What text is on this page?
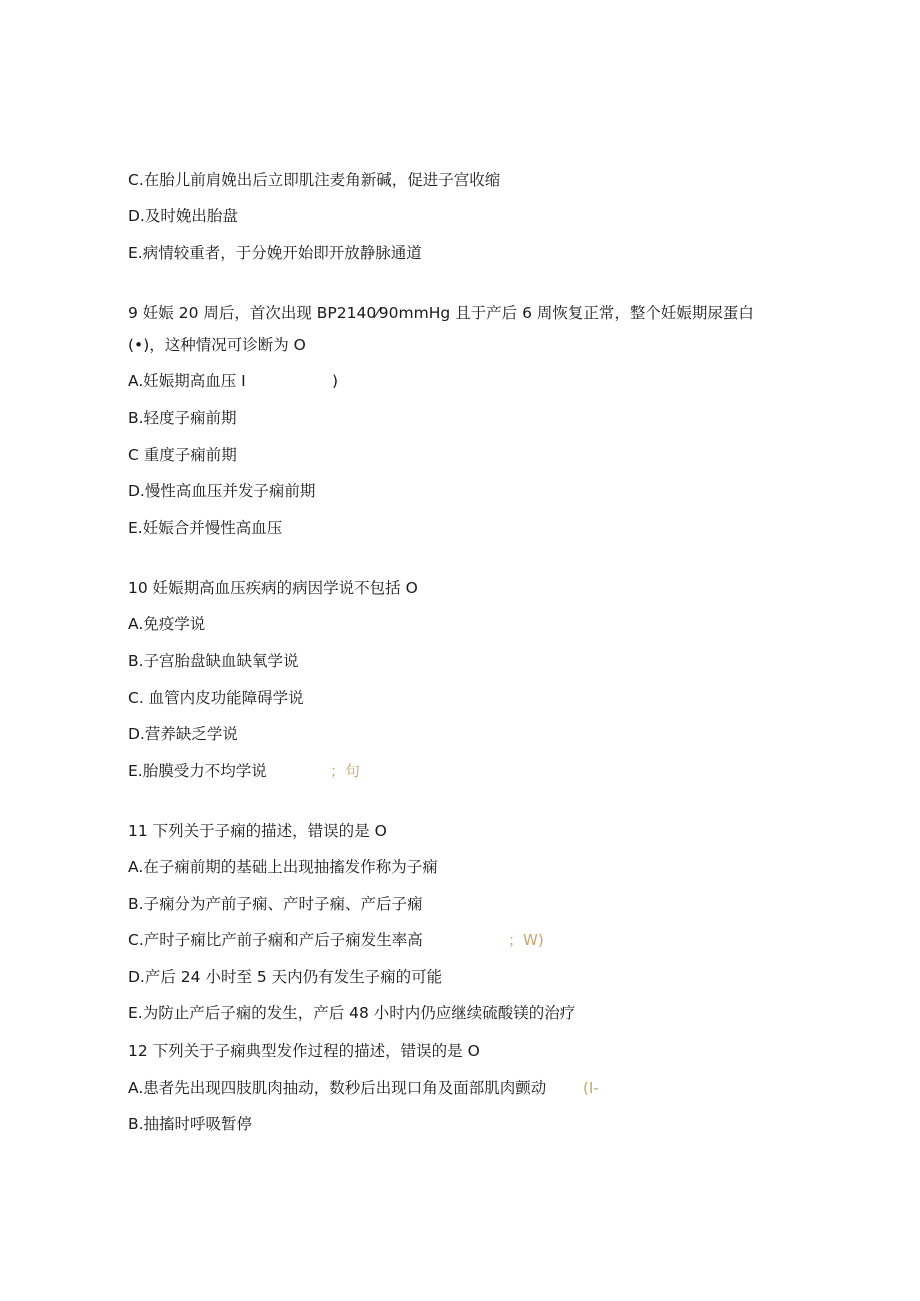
C.在胎儿前肩娩出后立即肌注麦角新碱，促进子宫收缩
D.及时娩出胎盘
E.病情较重者，于分娩开始即开放静脉通道
9 妊娠 20 周后，首次出现 BP2140⁄90mmHg 且于产后 6 周恢复正常，整个妊娠期尿蛋白
(•)，这种情况可诊断为 O
A.妊娠期高血压 I	)
B.轻度子痫前期
C 重度子痫前期
D.慢性高血压并发子痫前期
E.妊娠合并慢性高血压
10 妊娠期高血压疾病的病因学说不包括 O
A.免疫学说
B.子宫胎盘缺血缺氧学说
C. 血管内皮功能障碍学说
D.营养缺乏学说
E.胎膜受力不均学说	；句
11 下列关于子痫的描述，错误的是 O
A.在子痫前期的基础上出现抽搐发作称为子痫
B.子痫分为产前子痫、产时子痫、产后子痫
C.产时子痫比产前子痫和产后子痫发生率高	；W)
D.产后 24 小时至 5 天内仍有发生子痫的可能
E.为防止产后子痫的发生，产后 48 小时内仍应继续硫酸镁的治疗
12 下列关于子痫典型发作过程的描述，错误的是 O
A.患者先出现四肢肌肉抽动，数秒后出现口角及面部肌肉颤动 (I-
B.抽搐时呼吸暂停
